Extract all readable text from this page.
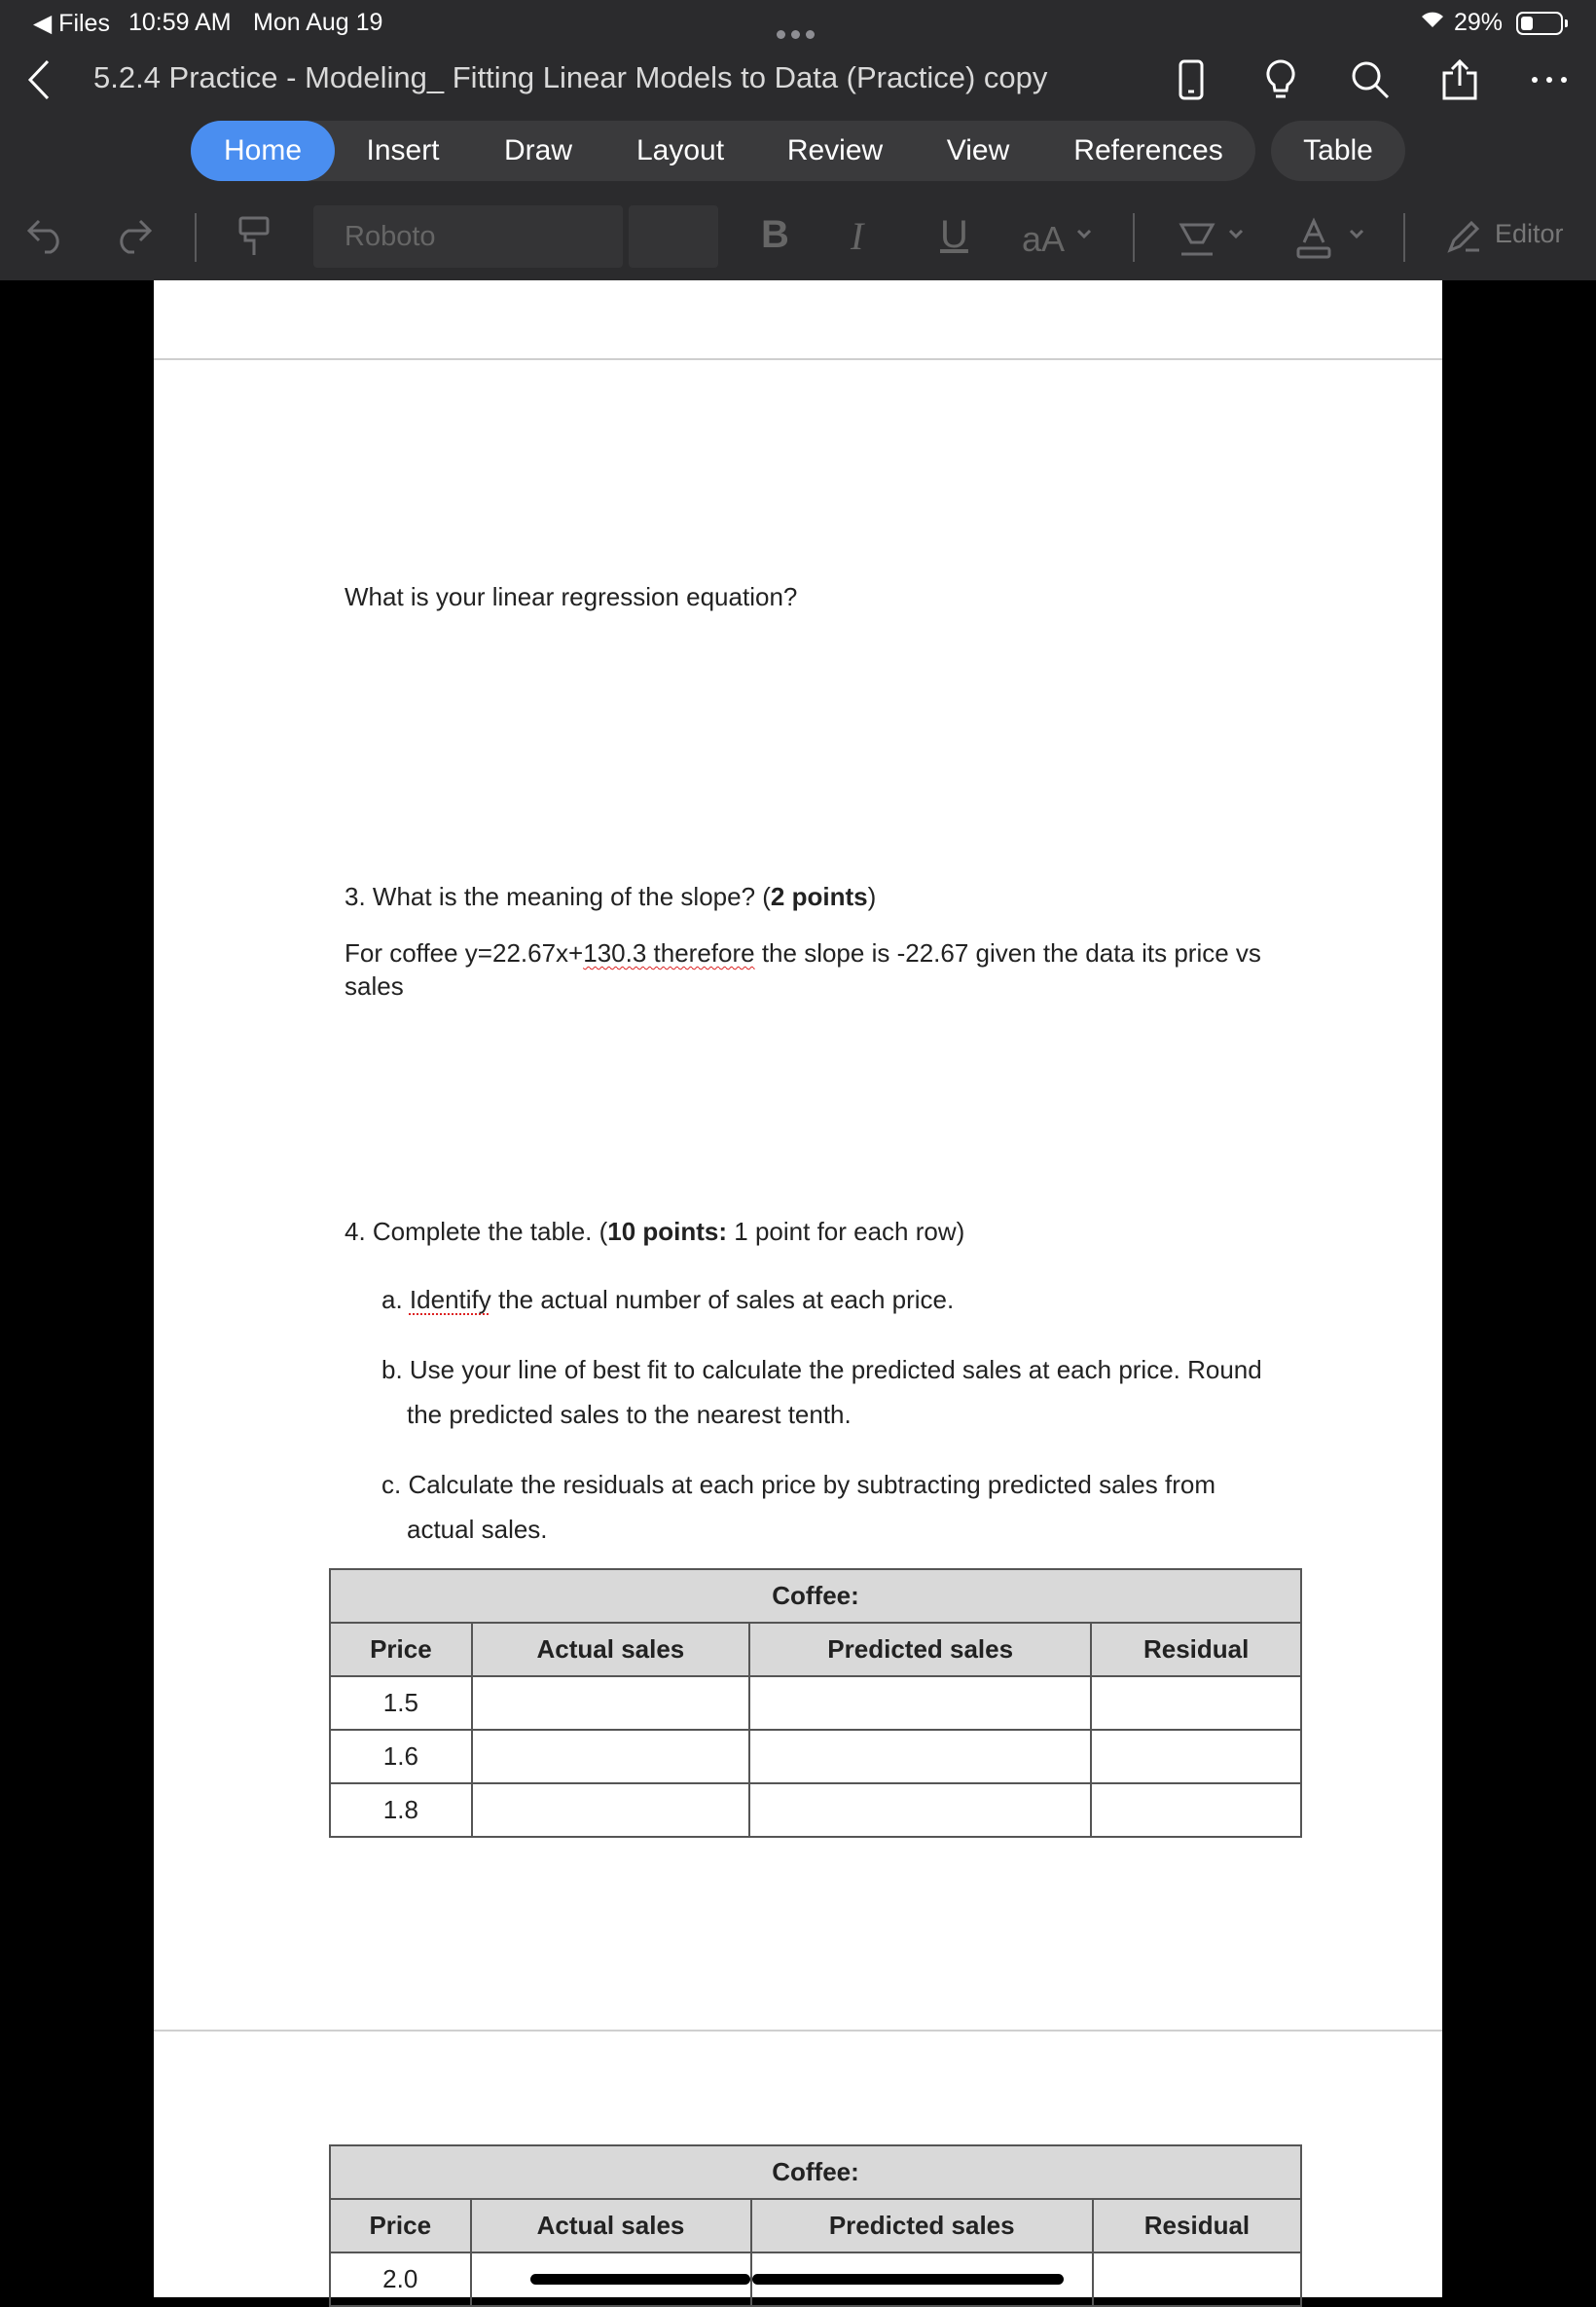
◀ Files 10:59 AM Mon Aug 19	29%
5.2.4 Practice - Modeling_ Fitting Linear Models to Data (Practice) copy
Home	Insert	Draw	Layout	Review	View	References	Table
Roboto	B I U aA	Editor
What is your linear regression equation?
3. What is the meaning of the slope? (2 points)
For coffee y=22.67x+130.3 therefore the slope is -22.67 given the data its price vs
sales
4. Complete the table. (10 points: 1 point for each row)
a. Identify the actual number of sales at each price.
b. Use your line of best fit to calculate the predicted sales at each price. Round
the predicted sales to the nearest tenth.
c. Calculate the residuals at each price by subtracting predicted sales from
actual sales.
Coffee:			
Price	Actual sales	Predicted sales	Residual
1.5			
1.6			
1.8			
Coffee:			
Price	Actual sales	Predicted sales	Residual
2.0	
